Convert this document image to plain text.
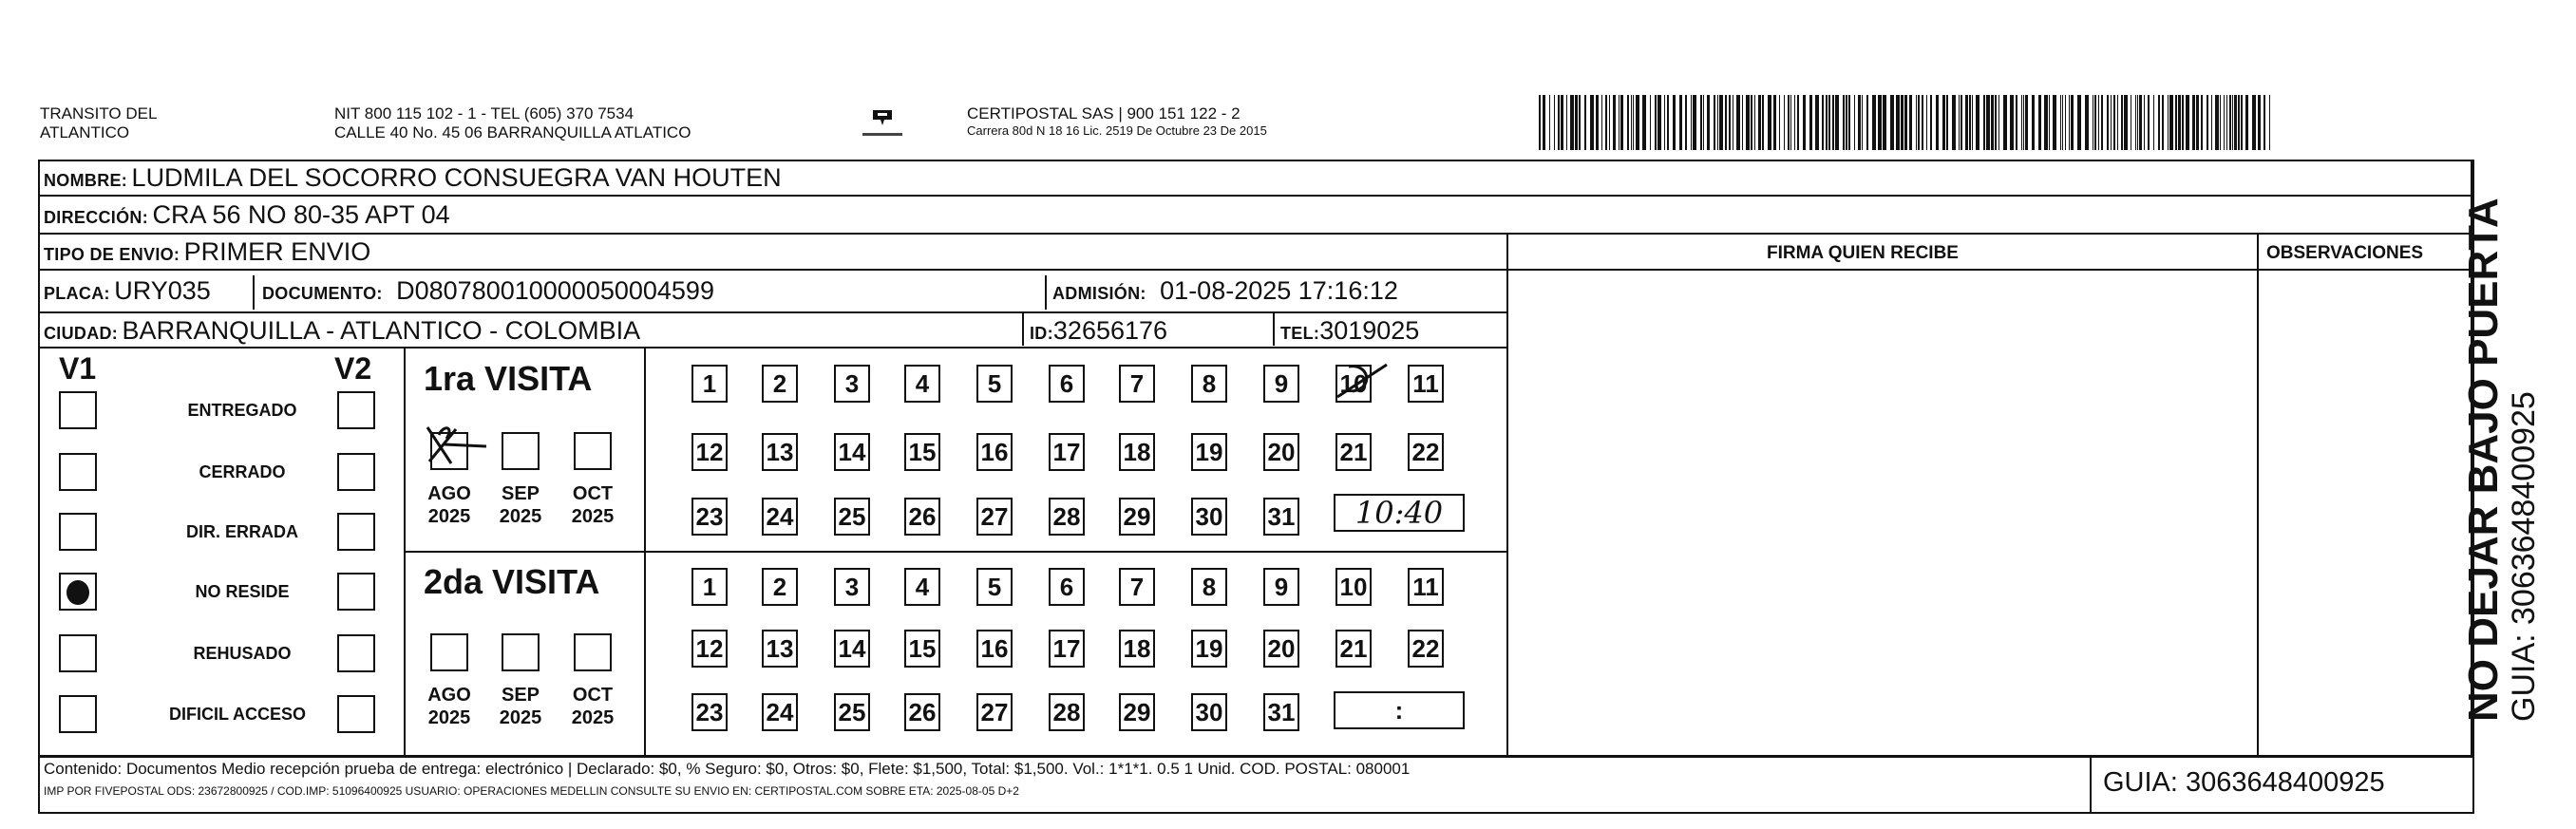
TRANSITO DEL
ATLANTICO
NIT 800 115 102 - 1 - TEL (605) 370 7534
CALLE 40 No. 45 06 BARRANQUILLA ATLATICO
CERTIPOSTAL SAS | 900 151 122 - 2
Carrera 80d N 18 16 Lic. 2519 De Octubre 23 De 2015
NOMBRE: LUDMILA DEL SOCORRO CONSUEGRA VAN HOUTEN
DIRECCIÓN: CRA 56 NO 80-35 APT 04
TIPO DE ENVIO: PRIMER ENVIO	FIRMA QUIEN RECIBE	OBSERVACIONES
PLACA: URY035	DOCUMENTO: D080780010000050004599	ADMISIÓN: 01-08-2025 17:16:12
CIUDAD: BARRANQUILLA - ATLANTICO - COLOMBIA	ID:32656176	TEL:3019025
V1	V2
ENTREGADO
CERRADO
DIR. ERRADA
NO RESIDE
REHUSADO
DIFICIL ACCESO
1ra VISITA
2da VISITA
AGO
2025
SEP
2025
OCT
2025
1	2	3	4	5	6	7	8	9	10 11
12 13 14 15 16 17 18 19 20 21 22
23 24 25 26 27 28 29 30 31
AGO
2025
SEP
2025
OCT
2025
1	2	3	4	5	6	7	8	9	10 11
12 13 14 15 16 17 18 19 20 21 22
23 24 25 26 27 28 29 30 31
10:40
:
Contenido: Documentos Medio recepción prueba de entrega: electrónico | Declarado: $0, % Seguro: $0, Otros: $0, Flete: $1,500, Total: $1,500. Vol.: 1*1*1. 0.5 1 Unid. COD. POSTAL: 080001
IMP POR FIVEPOSTAL ODS: 23672800925 / COD.IMP: 51096400925 USUARIO: OPERACIONES MEDELLIN CONSULTE SU ENVIO EN: CERTIPOSTAL.COM SOBRE ETA: 2025-08-05 D+2	GUIA: 3063648400925
NO DEJAR BAJO PUERTA GUIA: 3063648400925
